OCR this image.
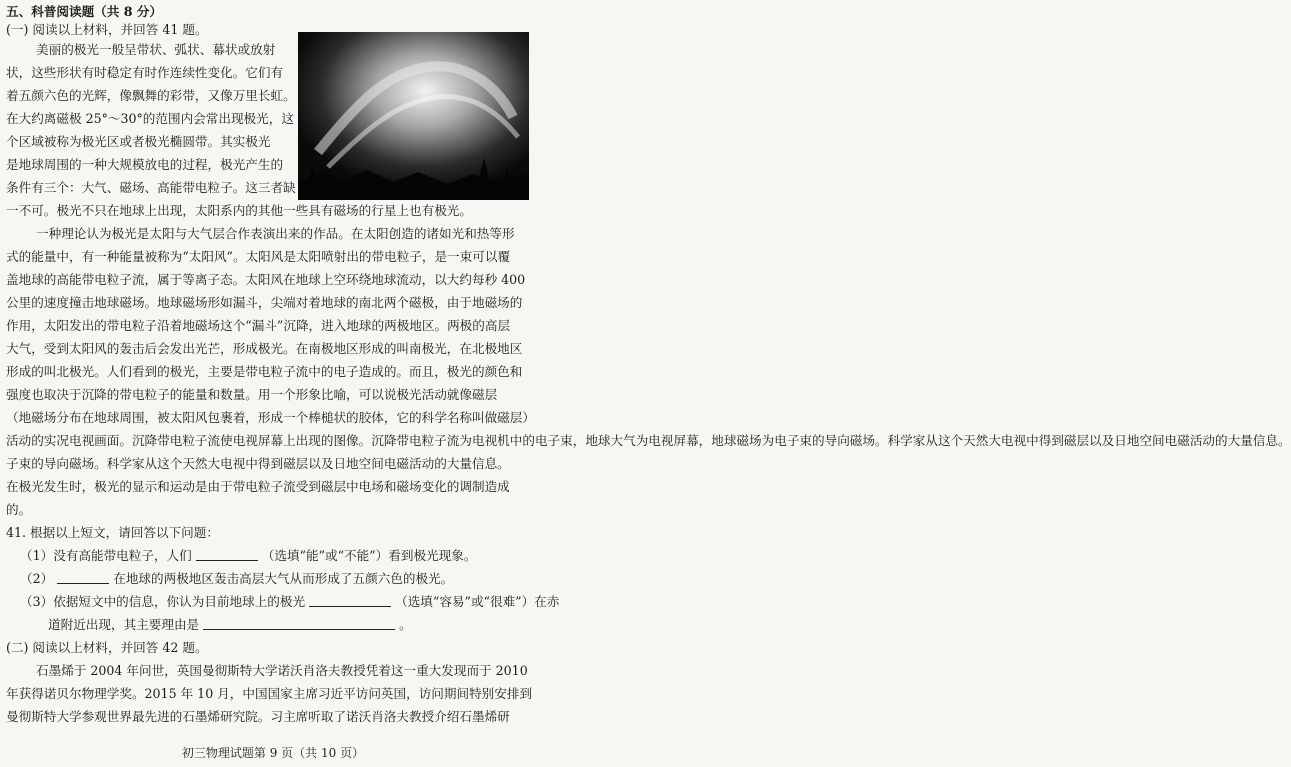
五、科普阅读题（共 8 分）

(一) 阅读以上材料，并回答 41 题。

美丽的极光一般呈带状、弧状、幕状或放射

状，这些形状有时稳定有时作连续性变化。它们有

着五颜六色的光辉，像飘舞的彩带，又像万里长虹。

在大约离磁极 25°～30°的范围内会常出现极光，这

个区域被称为极光区或者极光椭圆带。其实极光

是地球周围的一种大规模放电的过程，极光产生的

条件有三个：大气、磁场、高能带电粒子。这三者缺

一不可。极光不只在地球上出现，太阳系内的其他一些具有磁场的行星上也有极光。

一种理论认为极光是太阳与大气层合作表演出来的作品。在太阳创造的诸如光和热等形

式的能量中，有一种能量被称为“太阳风”。太阳风是太阳喷射出的带电粒子，是一束可以覆

盖地球的高能带电粒子流，属于等离子态。太阳风在地球上空环绕地球流动，以大约每秒 400

公里的速度撞击地球磁场。地球磁场形如漏斗，尖端对着地球的南北两个磁极，由于地磁场的

作用，太阳发出的带电粒子沿着地磁场这个“漏斗”沉降，进入地球的两极地区。两极的高层

大气，受到太阳风的轰击后会发出光芒，形成极光。在南极地区形成的叫南极光，在北极地区

形成的叫北极光。人们看到的极光，主要是带电粒子流中的电子造成的。而且，极光的颜色和

强度也取决于沉降的带电粒子的能量和数量。用一个形象比喻，可以说极光活动就像磁层

（地磁场分布在地球周围，被太阳风包裹着，形成一个棒槌状的胶体，它的科学名称叫做磁层）

活动的实况电视画面。沉降带电粒子流使电视屏幕上出现的图像。沉降带电粒子流为电视机中的电子束，地球大气为电视屏幕，地球磁场为电子束的导向磁场。科学家从这个天然大电视中得到磁层以及日地空间电磁活动的大量信息。

子束的导向磁场。科学家从这个天然大电视中得到磁层以及日地空间电磁活动的大量信息。

在极光发生时，极光的显示和运动是由于带电粒子流受到磁层中电场和磁场变化的调制造成

的。

41. 根据以上短文，请回答以下问题：

（1）没有高能带电粒子，人们	（选填“能”或“不能”）看到极光现象。

（2）	在地球的两极地区轰击高层大气从而形成了五颜六色的极光。

（3）依据短文中的信息，你认为目前地球上的极光	（选填“容易”或“很难”）在赤

道附近出现，其主要理由是	。

(二) 阅读以上材料，并回答 42 题。

石墨烯于 2004 年问世，英国曼彻斯特大学诺沃肖洛夫教授凭着这一重大发现而于 2010

年获得诺贝尔物理学奖。2015 年 10 月，中国国家主席习近平访问英国，访问期间特别安排到

曼彻斯特大学参观世界最先进的石墨烯研究院。习主席听取了诺沃肖洛夫教授介绍石墨烯研

初三物理试题第 9 页（共 10 页）
